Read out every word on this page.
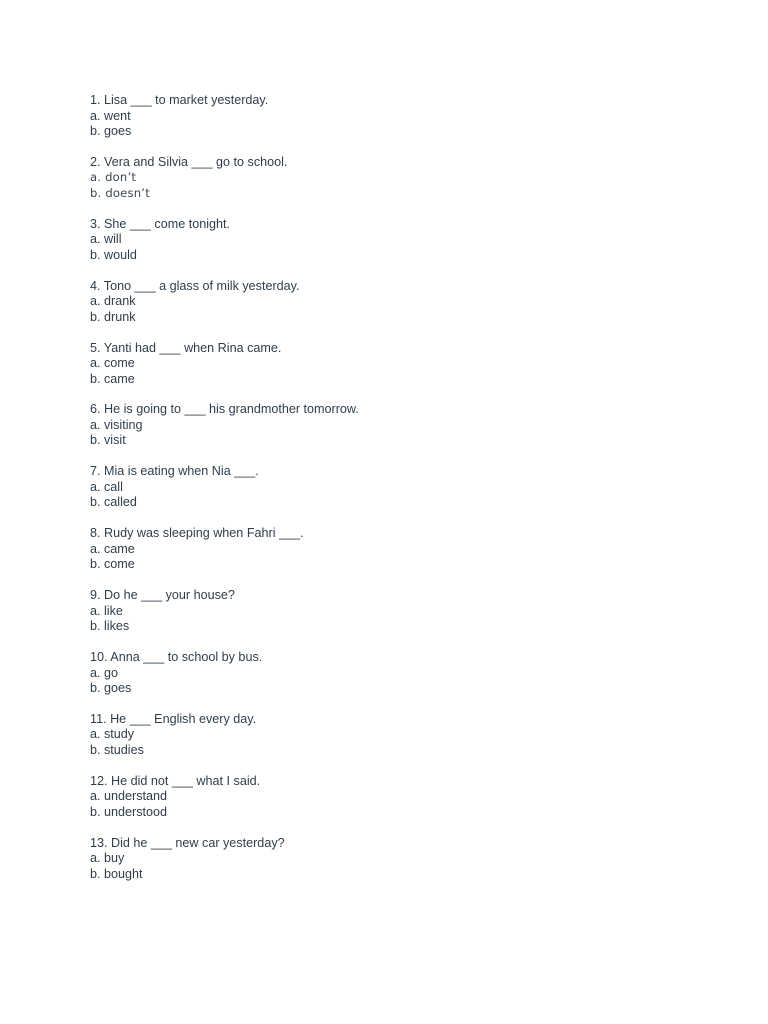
1. Lisa ___ to market yesterday.
a. went
b. goes
2. Vera and Silvia ___ go to school.
a. don’t
b. doesn’t
3. She ___ come tonight.
a. will
b. would
4. Tono ___ a glass of milk yesterday.
a. drank
b. drunk
5. Yanti had ___ when Rina came.
a. come
b. came
6. He is going to ___ his grandmother tomorrow.
a. visiting
b. visit
7. Mia is eating when Nia ___.
a. call
b. called
8. Rudy was sleeping when Fahri ___.
a. came
b. come
9. Do he ___ your house?
a. like
b. likes
10. Anna ___ to school by bus.
a. go
b. goes
11. He ___ English every day.
a. study
b. studies
12. He did not ___ what I said.
a. understand
b. understood
13. Did he ___ new car yesterday?
a. buy
b. bought
